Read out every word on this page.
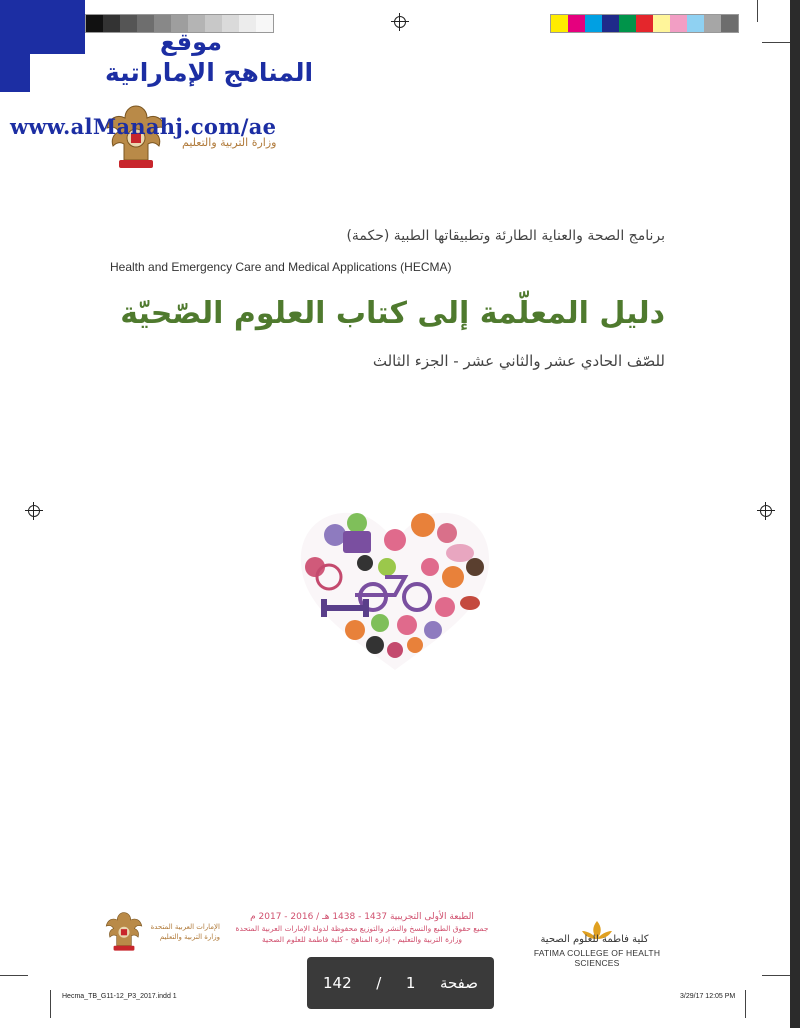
موقع
المناهج الإماراتية
www.alManahj.com/ae
وزارة التربية والتعليم
برنامج الصحة والعناية الطارئة وتطبيقاتها الطبية (حكمة)
Health and Emergency Care and Medical Applications (HECMA)
دليل المعلّمة إلى كتاب العلوم الصّحيّة
للصّف الحادي عشر والثاني عشر - الجزء الثالث
الإمارات العربية المتحدة
وزارة التربية والتعليم
الطبعة الأولى التجريبية 1437 - 1438 هـ / 2016 - 2017 م
جميع حقوق الطبع والنسخ والنشر والتوزيع محفوظة لدولة الإمارات العربية المتحدة
وزارة التربية والتعليم - إدارة المناهج - كلية فاطمة للعلوم الصحية	كلية فاطمة للعلوم الصحية
FATIMA COLLEGE OF HEALTH SCIENCES
Hecma_TB_G11-12_P3_2017.indd 1	3/29/17 12:05 PM
142 / 1 صفحة
